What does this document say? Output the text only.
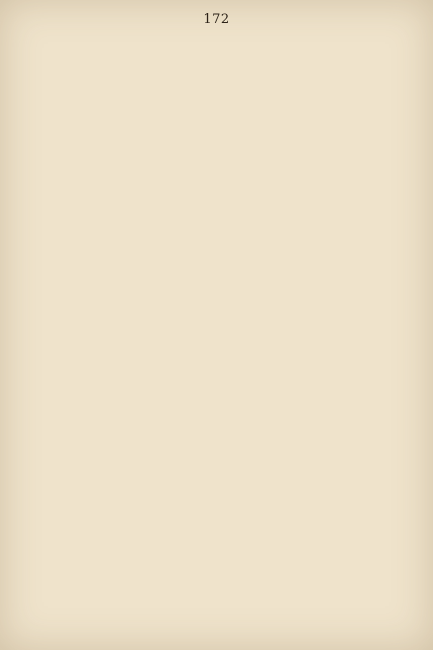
172
